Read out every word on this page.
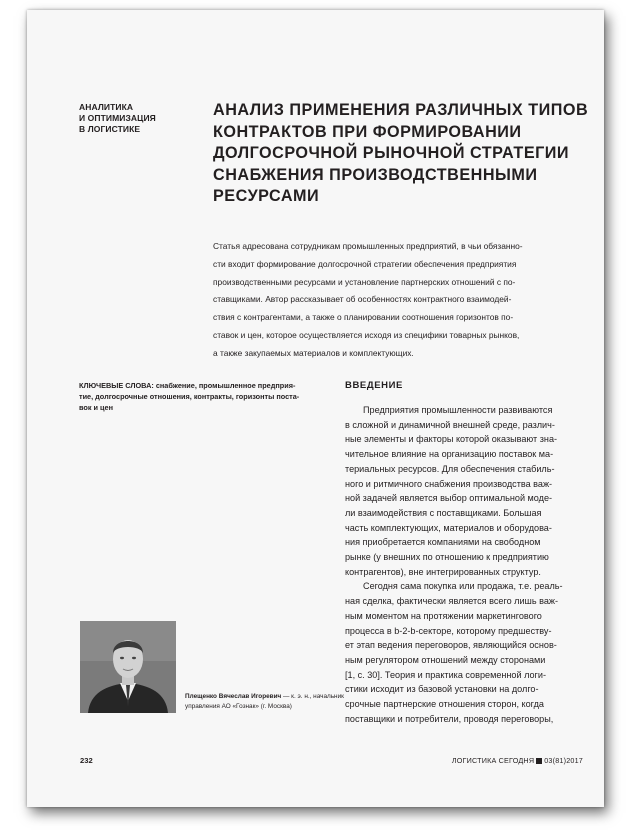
АНАЛИТИКА
И ОПТИМИЗАЦИЯ
В ЛОГИСТИКЕ
АНАЛИЗ ПРИМЕНЕНИЯ РАЗЛИЧНЫХ ТИПОВ
КОНТРАКТОВ ПРИ ФОРМИРОВАНИИ
ДОЛГОСРОЧНОЙ РЫНОЧНОЙ СТРАТЕГИИ
СНАБЖЕНИЯ ПРОИЗВОДСТВЕННЫМИ
РЕСУРСАМИ
Статья адресована сотрудникам промышленных предприятий, в чьи обязанно-
сти входит формирование долгосрочной стратегии обеспечения предприятия
производственными ресурсами и установление партнерских отношений с по-
ставщиками. Автор рассказывает об особенностях контрактного взаимодей-
ствия с контрагентами, а также о планировании соотношения горизонтов по-
ставок и цен, которое осуществляется исходя из специфики товарных рынков,
а также закупаемых материалов и комплектующих.
КЛЮЧЕВЫЕ СЛОВА: снабжение, промышленное предприя-
тие, долгосрочные отношения, контракты, горизонты поста-
вок и цен
ВВЕДЕНИЕ
Предприятия промышленности развиваются
в сложной и динамичной внешней среде, различ-
ные элементы и факторы которой оказывают зна-
чительное влияние на организацию поставок ма-
териальных ресурсов. Для обеспечения стабиль-
ного и ритмичного снабжения производства важ-
ной задачей является выбор оптимальной моде-
ли взаимодействия с поставщиками. Большая
часть комплектующих, материалов и оборудова-
ния приобретается компаниями на свободном
рынке (у внешних по отношению к предприятию
контрагентов), вне интегрированных структур.
Сегодня сама покупка или продажа, т.е. реаль-
ная сделка, фактически является всего лишь важ-
ным моментом на протяжении маркетингового
процесса в b-2-b-секторе, которому предшеству-
ет этап ведения переговоров, являющийся основ-
ным регулятором отношений между сторонами
[1, с. 30]. Теория и практика современной логи-
стики исходит из базовой установки на долго-
срочные партнерские отношения сторон, когда
поставщики и потребители, проводя переговоры,
Плещенко Вячеслав Игоревич — к. э. н., начальник
управления АО «Гознак» (г. Москва)
232	ЛОГИСТИКА СЕГОДНЯ 03(81)2017
